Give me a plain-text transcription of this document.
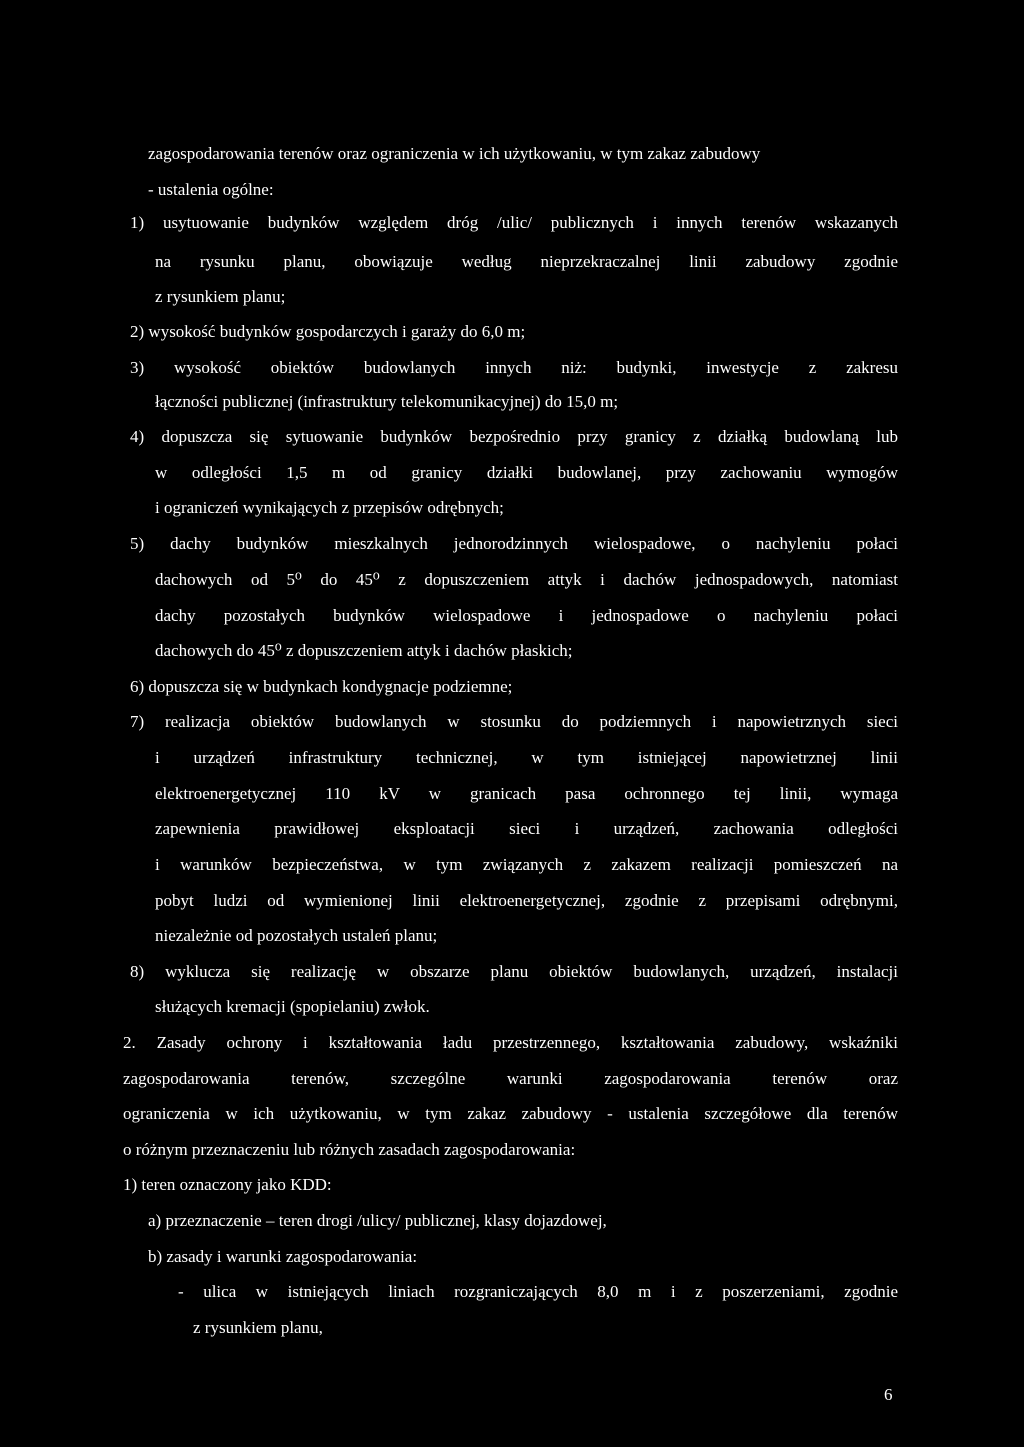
zagospodarowania terenów oraz ograniczenia w ich użytkowaniu, w tym zakaz zabudowy
- ustalenia ogólne:
1) usytuowanie budynków względem dróg /ulic/ publicznych i innych terenów wskazanych
na rysunku planu, obowiązuje według nieprzekraczalnej linii zabudowy zgodnie
z rysunkiem planu;
2) wysokość budynków gospodarczych i garaży do 6,0 m;
3) wysokość obiektów budowlanych innych niż: budynki, inwestycje z zakresu
łączności publicznej (infrastruktury telekomunikacyjnej) do 15,0 m;
4) dopuszcza się sytuowanie budynków bezpośrednio przy granicy z działką budowlaną lub
w odległości 1,5 m od granicy działki budowlanej, przy zachowaniu wymogów
i ograniczeń wynikających z przepisów odrębnych;
5) dachy budynków mieszkalnych jednorodzinnych wielospadowe, o nachyleniu połaci
dachowych od 5⁰ do 45⁰ z dopuszczeniem attyk i dachów jednospadowych, natomiast
dachy pozostałych budynków wielospadowe i jednospadowe o nachyleniu połaci
dachowych do 45⁰ z dopuszczeniem attyk i dachów płaskich;
6) dopuszcza się w budynkach kondygnacje podziemne;
7) realizacja obiektów budowlanych w stosunku do podziemnych i napowietrznych sieci
i urządzeń infrastruktury technicznej, w tym istniejącej napowietrznej linii
elektroenergetycznej 110 kV w granicach pasa ochronnego tej linii, wymaga
zapewnienia prawidłowej eksploatacji sieci i urządzeń, zachowania odległości
i warunków bezpieczeństwa, w tym związanych z zakazem realizacji pomieszczeń na
pobyt ludzi od wymienionej linii elektroenergetycznej, zgodnie z przepisami odrębnymi,
niezależnie od pozostałych ustaleń planu;
8) wyklucza się realizację w obszarze planu obiektów budowlanych, urządzeń, instalacji
służących kremacji (spopielaniu) zwłok.
2. Zasady ochrony i kształtowania ładu przestrzennego, kształtowania zabudowy, wskaźniki
zagospodarowania terenów, szczególne warunki zagospodarowania terenów oraz
ograniczenia w ich użytkowaniu, w tym zakaz zabudowy - ustalenia szczegółowe dla terenów
o różnym przeznaczeniu lub różnych zasadach zagospodarowania:
1) teren oznaczony jako KDD:
a) przeznaczenie – teren drogi /ulicy/ publicznej, klasy dojazdowej,
b) zasady i warunki zagospodarowania:
- ulica w istniejących liniach rozgraniczających 8,0 m i z poszerzeniami, zgodnie
z rysunkiem planu,
6
